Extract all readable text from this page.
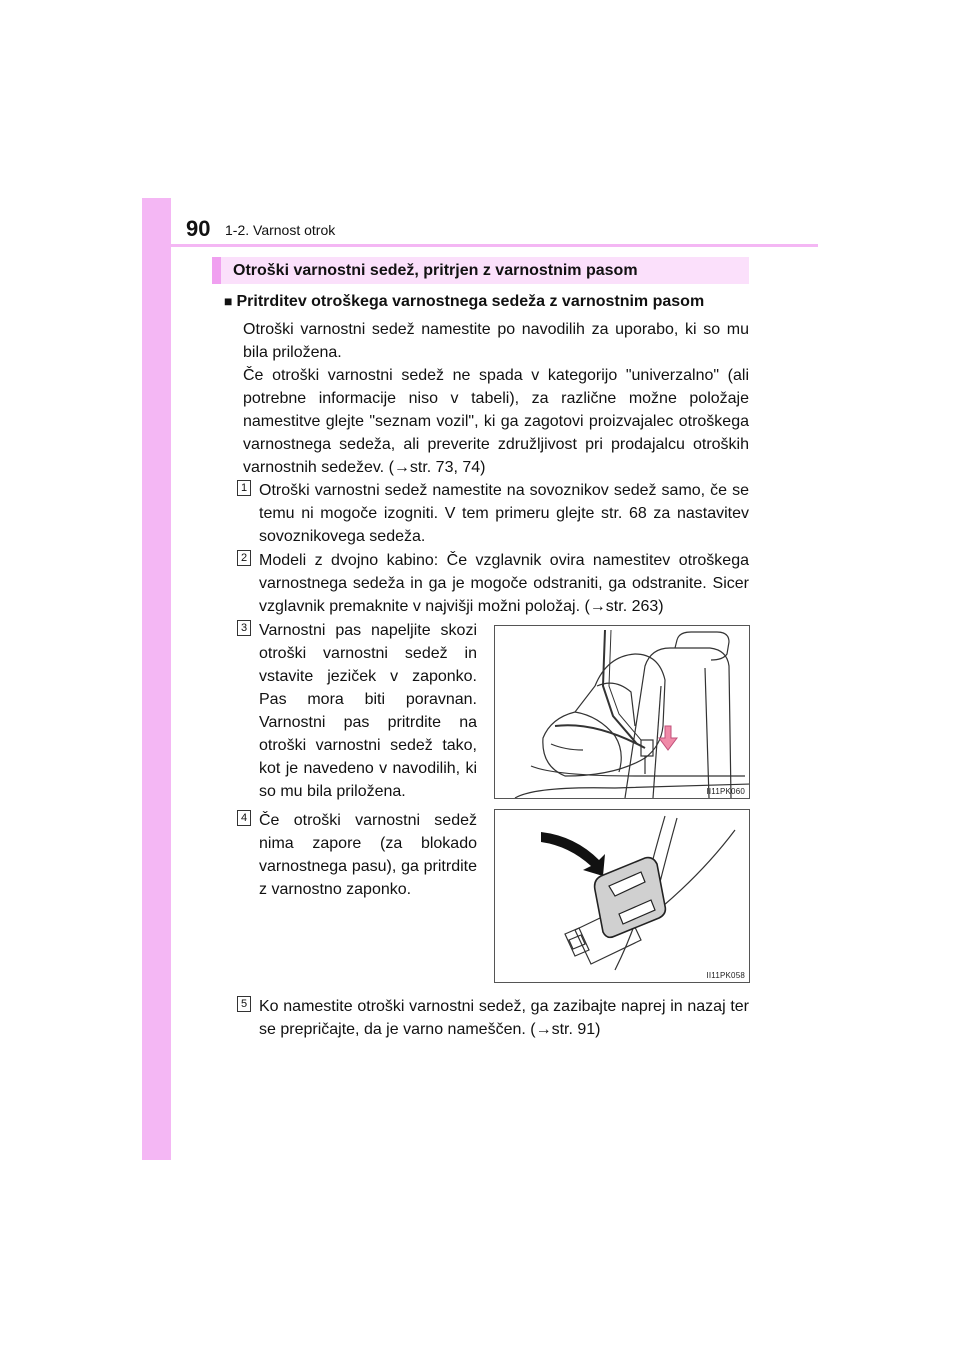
90 1-2. Varnost otrok
Otroški varnostni sedež, pritrjen z varnostnim pasom
■ Pritrditev otroškega varnostnega sedeža z varnostnim pasom
Otroški varnostni sedež namestite po navodilih za uporabo, ki so mu bila priložena.
Če otroški varnostni sedež ne spada v kategorijo "univerzalno" (ali potrebne informacije niso v tabeli), za različne možne položaje namestitve glejte "seznam vozil", ki ga zagotovi proizvajalec otroškega varnostnega sedeža, ali preverite združljivost pri prodajalcu otroških varnostnih sedežev. (→str. 73, 74)
1 Otroški varnostni sedež namestite na sovoznikov sedež samo, če se temu ni mogoče izogniti. V tem primeru glejte str. 68 za nastavitev sovoznikovega sedeža.
2 Modeli z dvojno kabino: Če vzglavnik ovira namestitev otroškega varnostnega sedeža in ga je mogoče odstraniti, ga odstranite. Sicer vzglavnik premaknite v najvišji možni položaj. (→str. 263)
3 Varnostni pas napeljite skozi otroški varnostni sedež in vstavite jeziček v zaponko. Pas mora biti poravnan. Varnostni pas pritrdite na otroški varnostni sedež tako, kot je navedeno v navodilih, ki so mu bila priložena.	II11PK060
4 Če otroški varnostni sedež nima zapore (za blokado varnostnega pasu), ga pritrdite z varnostno zaponko.
II11PK058
5 Ko namestite otroški varnostni sedež, ga zazibajte naprej in nazaj ter se prepričajte, da je varno nameščen. (→str. 91)
